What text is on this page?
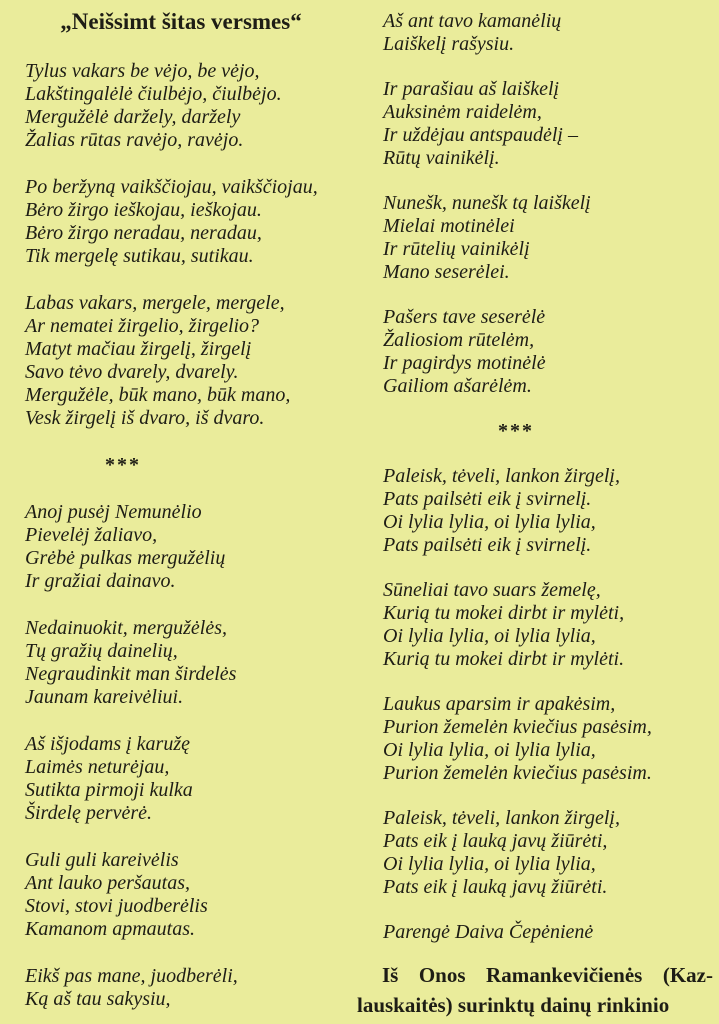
„Neišsimt šitas versmes“

Tylus vakars be vėjo, be vėjo,

Lakštingalėlė čiulbėjo, čiulbėjo.

Mergužėlė daržely, daržely

Žalias rūtas ravėjo, ravėjo.

Po beržyną vaikščiojau, vaikščiojau,

Bėro žirgo ieškojau, ieškojau.

Bėro žirgo neradau, neradau,

Tik mergelę sutikau, sutikau.

Labas vakars, mergele, mergele,

Ar nematei žirgelio, žirgelio?

Matyt mačiau žirgelį, žirgelį

Savo tėvo dvarely, dvarely.

Mergužėle, būk mano, būk mano,

Vesk žirgelį iš dvaro, iš dvaro.

***

Anoj pusėj Nemunėlio

Pievelėj žaliavo,

Grėbė pulkas mergužėlių

Ir gražiai dainavo.

Nedainuokit, mergužėlės,

Tų gražių dainelių,

Negraudinkit man širdelės

Jaunam kareivėliui.

Aš išjodams į karužę

Laimės neturėjau,

Sutikta pirmoji kulka

Širdelę pervėrė.

Guli guli kareivėlis

Ant lauko peršautas,

Stovi, stovi juodberėlis

Kamanom apmautas.

Eikš pas mane, juodberėli,

Ką aš tau sakysiu,

Aš ant tavo kamanėlių

Laiškelį rašysiu.

Ir parašiau aš laiškelį

Auksinėm raidelėm,

Ir uždėjau antspaudėlį –

Rūtų vainikėlį.

Nunešk, nunešk tą laiškelį

Mielai motinėlei

Ir rūtelių vainikėlį

Mano seserėlei.

Pašers tave seserėlė

Žaliosiom rūtelėm,

Ir pagirdys motinėlė

Gailiom ašarėlėm.

***

Paleisk, tėveli, lankon žirgelį,

Pats pailsėti eik į svirnelį.

Oi lylia lylia, oi lylia lylia,

Pats pailsėti eik į svirnelį.

Sūneliai tavo suars žemelę,

Kurią tu mokei dirbt ir mylėti,

Oi lylia lylia, oi lylia lylia,

Kurią tu mokei dirbt ir mylėti.

Laukus aparsim ir apakėsim,

Purion žemelėn kviečius pasėsim,

Oi lylia lylia, oi lylia lylia,

Purion žemelėn kviečius pasėsim.

Paleisk, tėveli, lankon žirgelį,

Pats eik į lauką javų žiūrėti,

Oi lylia lylia, oi lylia lylia,

Pats eik į lauką javų žiūrėti.

Parengė Daiva Čepėnienė

Iš Onos Ramankevičienės (Kaz-

lauskaitės) surinktų dainų rinkinio
